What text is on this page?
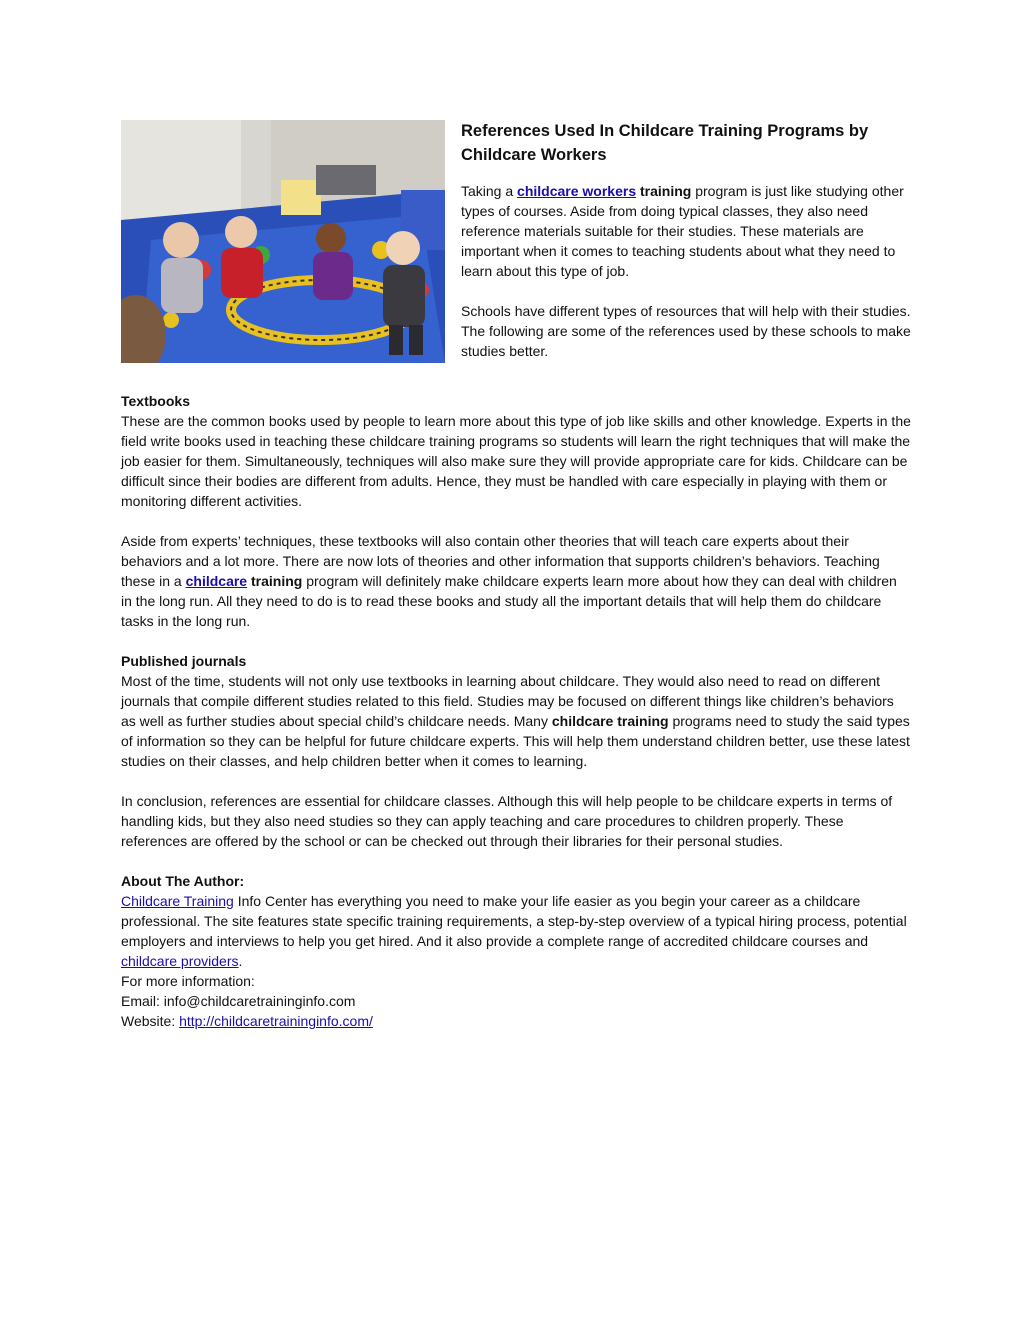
References Used In Childcare Training Programs by Childcare Workers
Taking a childcare workers training program is just like studying other types of courses. Aside from doing typical classes, they also need reference materials suitable for their studies. These materials are important when it comes to teaching students about what they need to learn about this type of job.
Schools have different types of resources that will help with their studies. The following are some of the references used by these schools to make studies better.
Textbooks
These are the common books used by people to learn more about this type of job like skills and other knowledge. Experts in the field write books used in teaching these childcare training programs so students will learn the right techniques that will make the job easier for them. Simultaneously, techniques will also make sure they will provide appropriate care for kids. Childcare can be difficult since their bodies are different from adults. Hence, they must be handled with care especially in playing with them or monitoring different activities.
Aside from experts’ techniques, these textbooks will also contain other theories that will teach care experts about their behaviors and a lot more. There are now lots of theories and other information that supports children’s behaviors. Teaching these in a childcare training program will definitely make childcare experts learn more about how they can deal with children in the long run. All they need to do is to read these books and study all the important details that will help them do childcare tasks in the long run.
Published journals
Most of the time, students will not only use textbooks in learning about childcare. They would also need to read on different journals that compile different studies related to this field. Studies may be focused on different things like children’s behaviors as well as further studies about special child’s childcare needs. Many childcare training programs need to study the said types of information so they can be helpful for future childcare experts. This will help them understand children better, use these latest studies on their classes, and help children better when it comes to learning.
In conclusion, references are essential for childcare classes. Although this will help people to be childcare experts in terms of handling kids, but they also need studies so they can apply teaching and care procedures to children properly. These references are offered by the school or can be checked out through their libraries for their personal studies.
About The Author:
Childcare Training Info Center has everything you need to make your life easier as you begin your career as a childcare professional. The site features state specific training requirements, a step-by-step overview of a typical hiring process, potential employers and interviews to help you get hired. And it also provide a complete range of accredited childcare courses and childcare providers.
For more information:
Email: info@childcaretraininginfo.com
Website: http://childcaretraininginfo.com/
